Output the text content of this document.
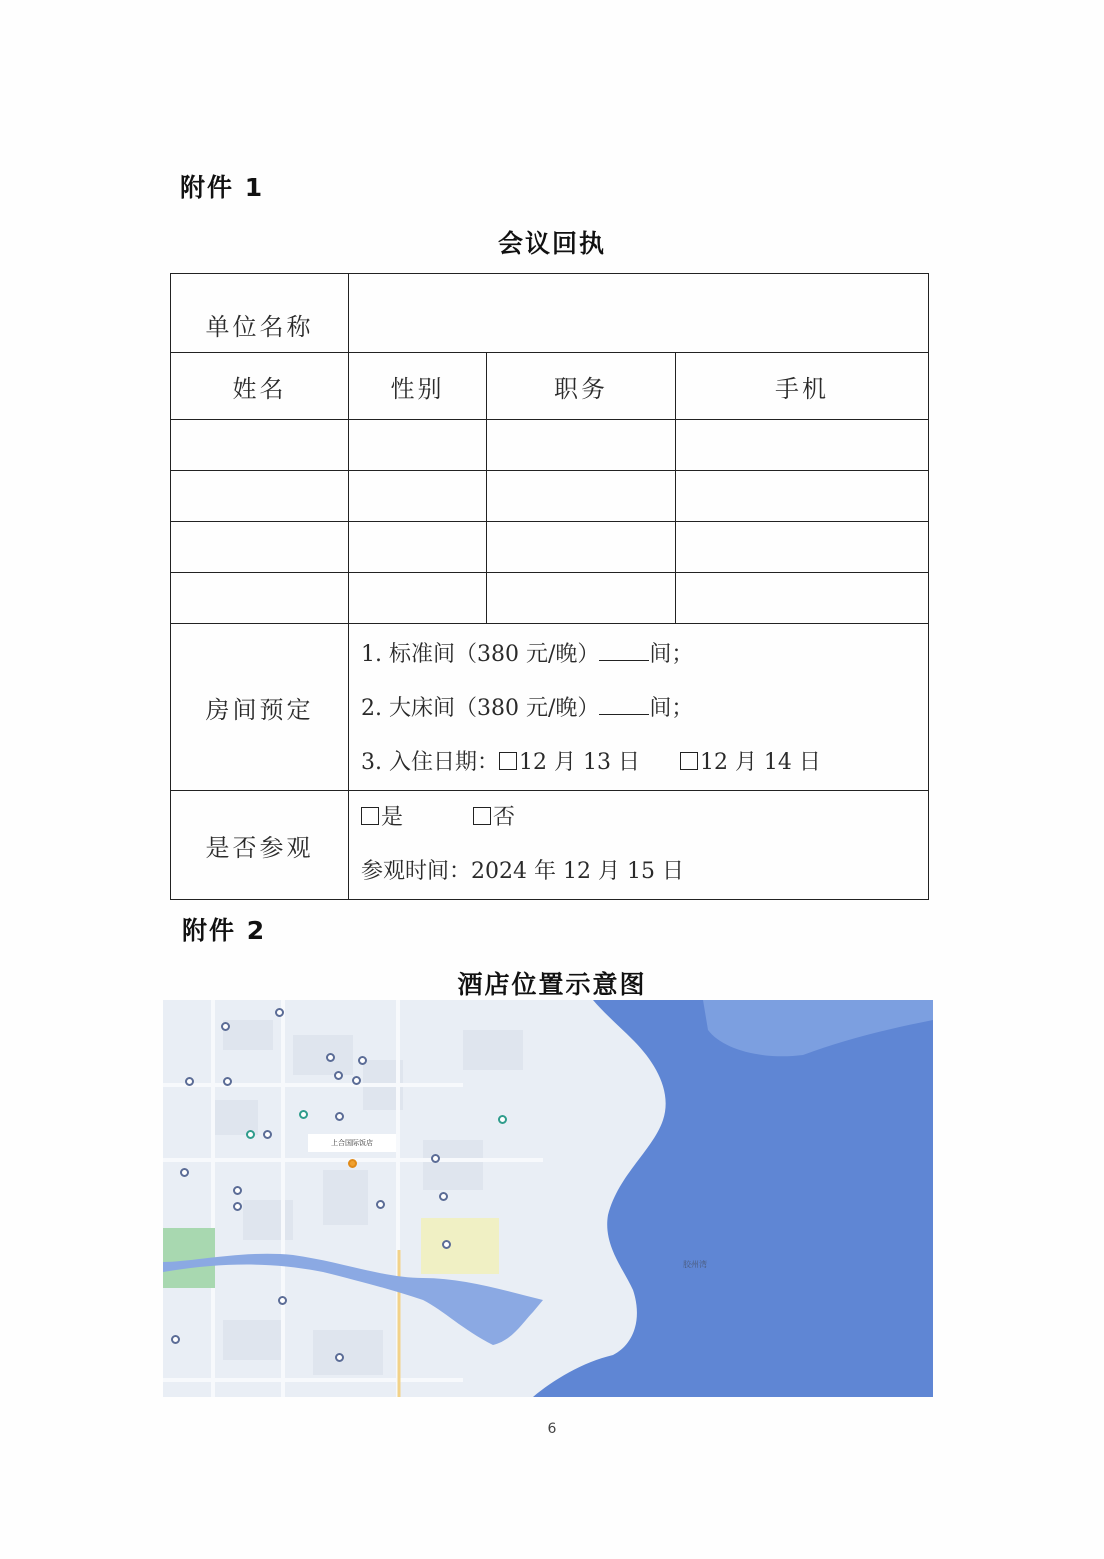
附件 1
会议回执
单位名称			
姓名	性别	职务	手机

房间预定	1. 标准间（380 元/晚） 间；
2. 大床间（380 元/晚） 间；
3. 入住日期： 12 月 13 日 12 月 14 日		

是否参观	是 否
参观时间：2024 年 12 月 15 日		
附件 2
酒店位置示意图
上合国际饭店
胶州湾
6
